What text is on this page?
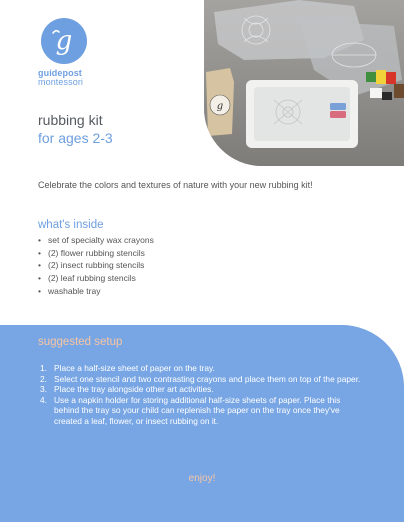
g
guidepost
montessori
rubbing kit
for ages 2-3
g
Celebrate the colors and textures of nature with your new rubbing kit!
what's inside
• set of specialty wax crayons
• (2) flower rubbing stencils
• (2) insect rubbing stencils
• (2) leaf rubbing stencils
• washable tray
suggested setup
1. Place a half-size sheet of paper on the tray.
2. Select one stencil and two contrasting crayons and place them on top of the paper.
3. Place the tray alongside other art activities.
4. Use a napkin holder for storing additional half-size sheets of paper. Place this behind the tray so your child can replenish the paper on the tray once they've created a leaf, flower, or insect rubbing on it.
enjoy!
